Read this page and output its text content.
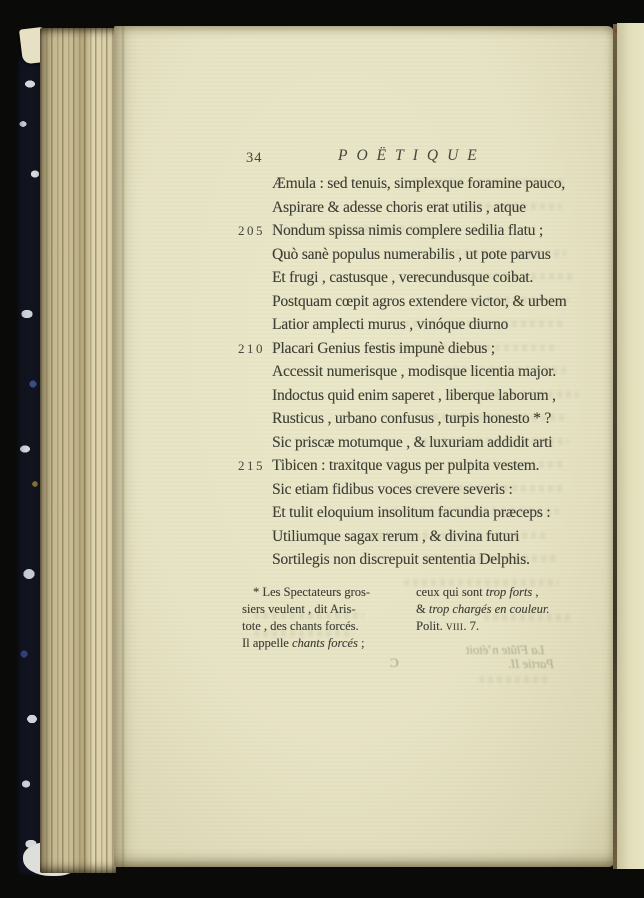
34	POËTIQUE
Æmula : sed tenuis, simplexque foramine pauco,
Aspirare & adesse choris erat utilis , atque
205 Nondum spissa nimis complere sedilia flatu ;
Quò sanè populus numerabilis , ut pote parvus
Et frugi , castusque , verecundusque coibat.
Postquam cœpit agros extendere victor, & urbem
Latior amplecti murus , vinóque diurno
210 Placari Genius festis impunè diebus ;
Accessit numerisque , modisque licentia major.
Indoctus quid enim saperet , liberque laborum ,
Rusticus , urbano confusus , turpis honesto * ?
Sic priscæ motumque , & luxuriam addidit arti
215 Tibicen : traxitque vagus per pulpita vestem.
Sic etiam fidibus voces crevere severis :
Et tulit eloquium insolitum facundia præceps :
Utiliumque sagax rerum , & divina futuri
Sortilegis non discrepuit sententia Delphis.
* Les Spectateurs gros-
siers veulent , dit Aris-
tote , des chants forcés.
Il appelle chants forcés ;
ceux qui sont trop forts ,
& trop chargés en couleur.
Polit. viii. 7.
La Flûte n’étoit
Partie II.
C
